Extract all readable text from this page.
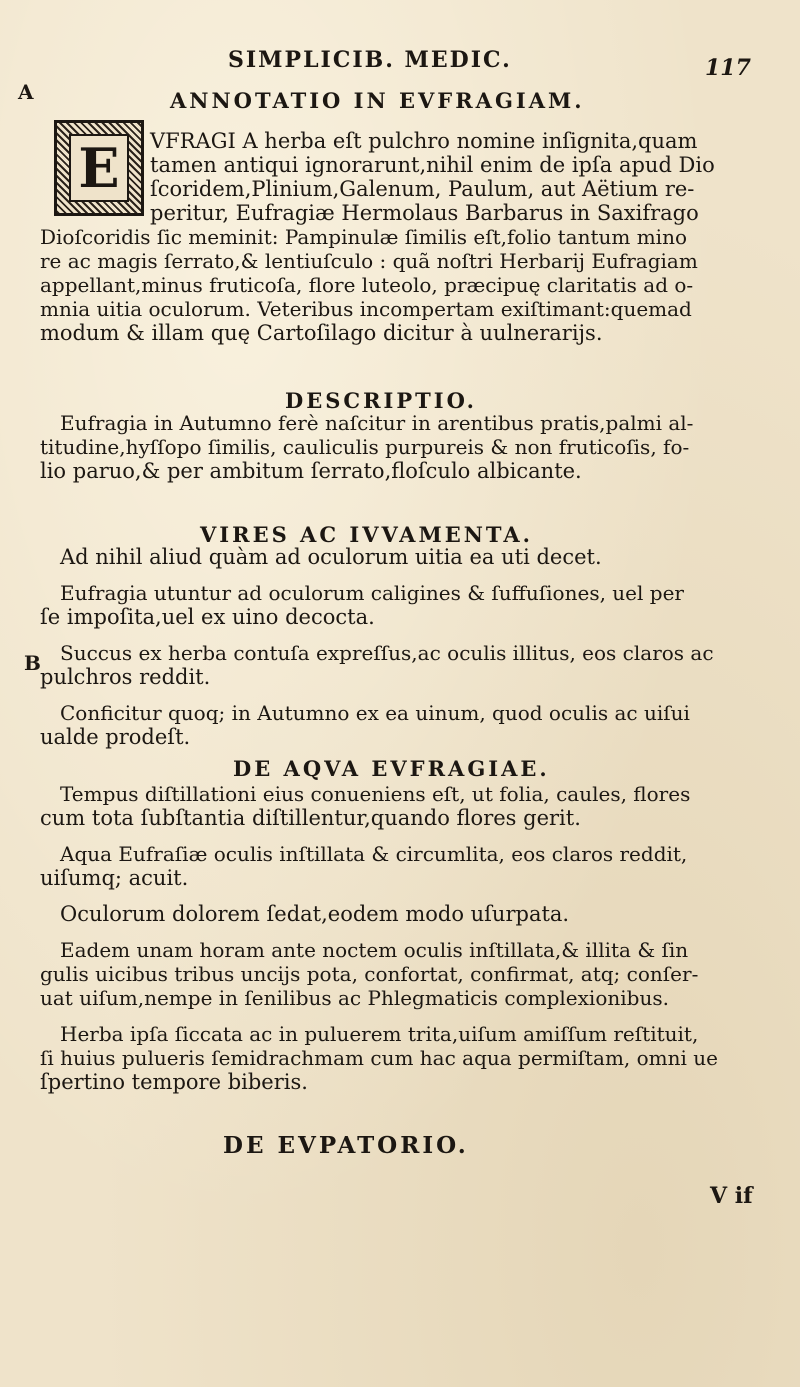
SIMPLICIB. MEDIC.	117
A
B
ANNOTATIO IN EVFRAGIAM.
E	VFRAGI A herba eſt pulchro nomine inſignita,quam
tamen antiqui ignorarunt,nihil enim de ipſa apud Dio
ſcoridem,Plinium,Galenum, Paulum, aut Aëtium re-
peritur, Eufragiæ Hermolaus Barbarus in Saxifrago
Dioſcoridis ſic meminit: Pampinulæ ſimilis eſt,folio tantum mino
re ac magis ſerrato,& lentiuſculo : quã noſtri Herbarij Eufragiam
appellant,minus fruticoſa, flore luteolo, præcipuę claritatis ad o-
mnia uitia oculorum. Veteribus incompertam exiſtimant:quemad
modum & illam quę Cartoſilago dicitur à uulnerarijs.
DESCRIPTIO.
Eufragia in Autumno ferè naſcitur in arentibus pratis,palmi al-
titudine,hyſſopo ſimilis, cauliculis purpureis & non fruticoſis, fo-
lio paruo,& per ambitum ſerrato,floſculo albicante.
VIRES AC IVVAMENTA.
Ad nihil aliud quàm ad oculorum uitia ea uti decet.
Eufragia utuntur ad oculorum caligines & ſuffuſiones, uel per
ſe impoſita,uel ex uino decocta.
Succus ex herba contuſa expreſſus,ac oculis illitus, eos claros ac
pulchros reddit.
Conficitur quoq; in Autumno ex ea uinum, quod oculis ac uiſui
ualde prodeſt.
DE AQVA EVFRAGIAE.
Tempus diſtillationi eius conueniens eſt, ut folia, caules, flores
cum tota ſubſtantia diſtillentur,quando flores gerit.
Aqua Eufraſiæ oculis inſtillata & circumlita, eos claros reddit,
uiſumq; acuit.
Oculorum dolorem ſedat,eodem modo uſurpata.
Eadem unam horam ante noctem oculis inſtillata,& illita & ſin
gulis uicibus tribus uncijs pota, confortat, confirmat, atq; conſer-
uat uiſum,nempe in ſenilibus ac Phlegmaticis complexionibus.
Herba ipſa ſiccata ac in puluerem trita,uiſum amiſſum reſtituit,
ſi huius pulueris ſemidrachmam cum hac aqua permiſtam, omni ue
ſpertino tempore biberis.
DE EVPATORIO.
V if
